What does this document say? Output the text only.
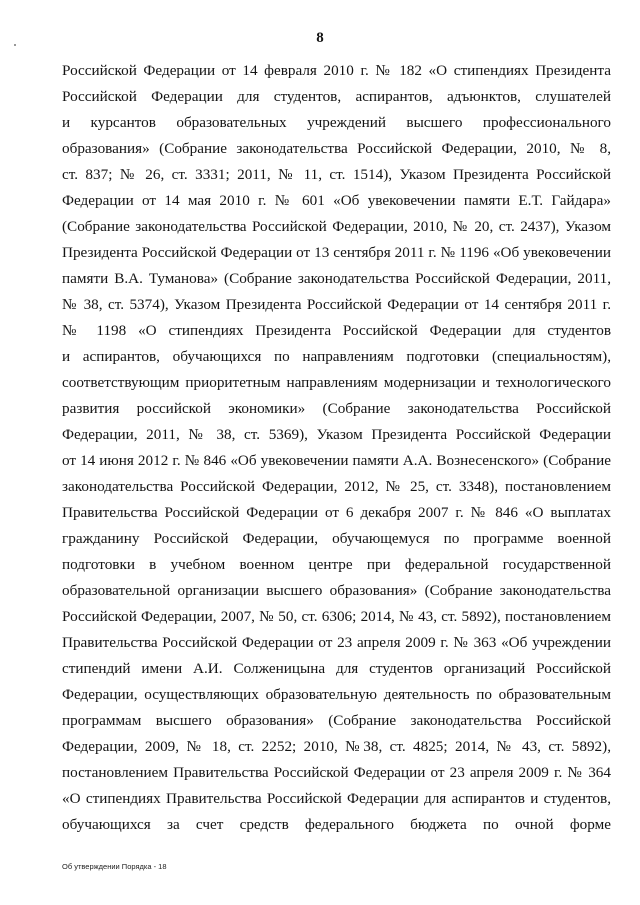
8
Российской Федерации от 14 февраля 2010 г. № 182 «О стипендиях Президента
Российской Федерации для студентов, аспирантов, адъюнктов, слушателей
и курсантов образовательных учреждений высшего профессионального
образования» (Собрание законодательства Российской Федерации, 2010, № 8,
ст. 837; № 26, ст. 3331; 2011, № 11, ст. 1514), Указом Президента Российской
Федерации от 14 мая 2010 г. № 601 «Об увековечении памяти Е.Т. Гайдара»
(Собрание законодательства Российской Федерации, 2010, № 20, ст. 2437), Указом
Президента Российской Федерации от 13 сентября 2011 г. № 1196 «Об увековечении
памяти В.А. Туманова» (Собрание законодательства Российской Федерации, 2011,
№ 38, ст. 5374), Указом Президента Российской Федерации от 14 сентября 2011 г.
№ 1198 «О стипендиях Президента Российской Федерации для студентов
и аспирантов, обучающихся по направлениям подготовки (специальностям),
соответствующим приоритетным направлениям модернизации и технологического
развития российской экономики» (Собрание законодательства Российской
Федерации, 2011, № 38, ст. 5369), Указом Президента Российской Федерации
от 14 июня 2012 г. № 846 «Об увековечении памяти А.А. Вознесенского» (Собрание
законодательства Российской Федерации, 2012, № 25, ст. 3348), постановлением
Правительства Российской Федерации от 6 декабря 2007 г. № 846 «О выплатах
гражданину Российской Федерации, обучающемуся по программе военной
подготовки в учебном военном центре при федеральной государственной
образовательной организации высшего образования» (Собрание законодательства
Российской Федерации, 2007, № 50, ст. 6306; 2014, № 43, ст. 5892), постановлением
Правительства Российской Федерации от 23 апреля 2009 г. № 363 «Об учреждении
стипендий имени А.И. Солженицына для студентов организаций Российской
Федерации, осуществляющих образовательную деятельность по образовательным
программам высшего образования» (Собрание законодательства Российской
Федерации, 2009, № 18, ст. 2252; 2010, №38, ст. 4825; 2014, № 43, ст. 5892),
постановлением Правительства Российской Федерации от 23 апреля 2009 г. № 364
«О стипендиях Правительства Российской Федерации для аспирантов и студентов,
обучающихся за счет средств федерального бюджета по очной форме
Об утверждении Порядка - 18
